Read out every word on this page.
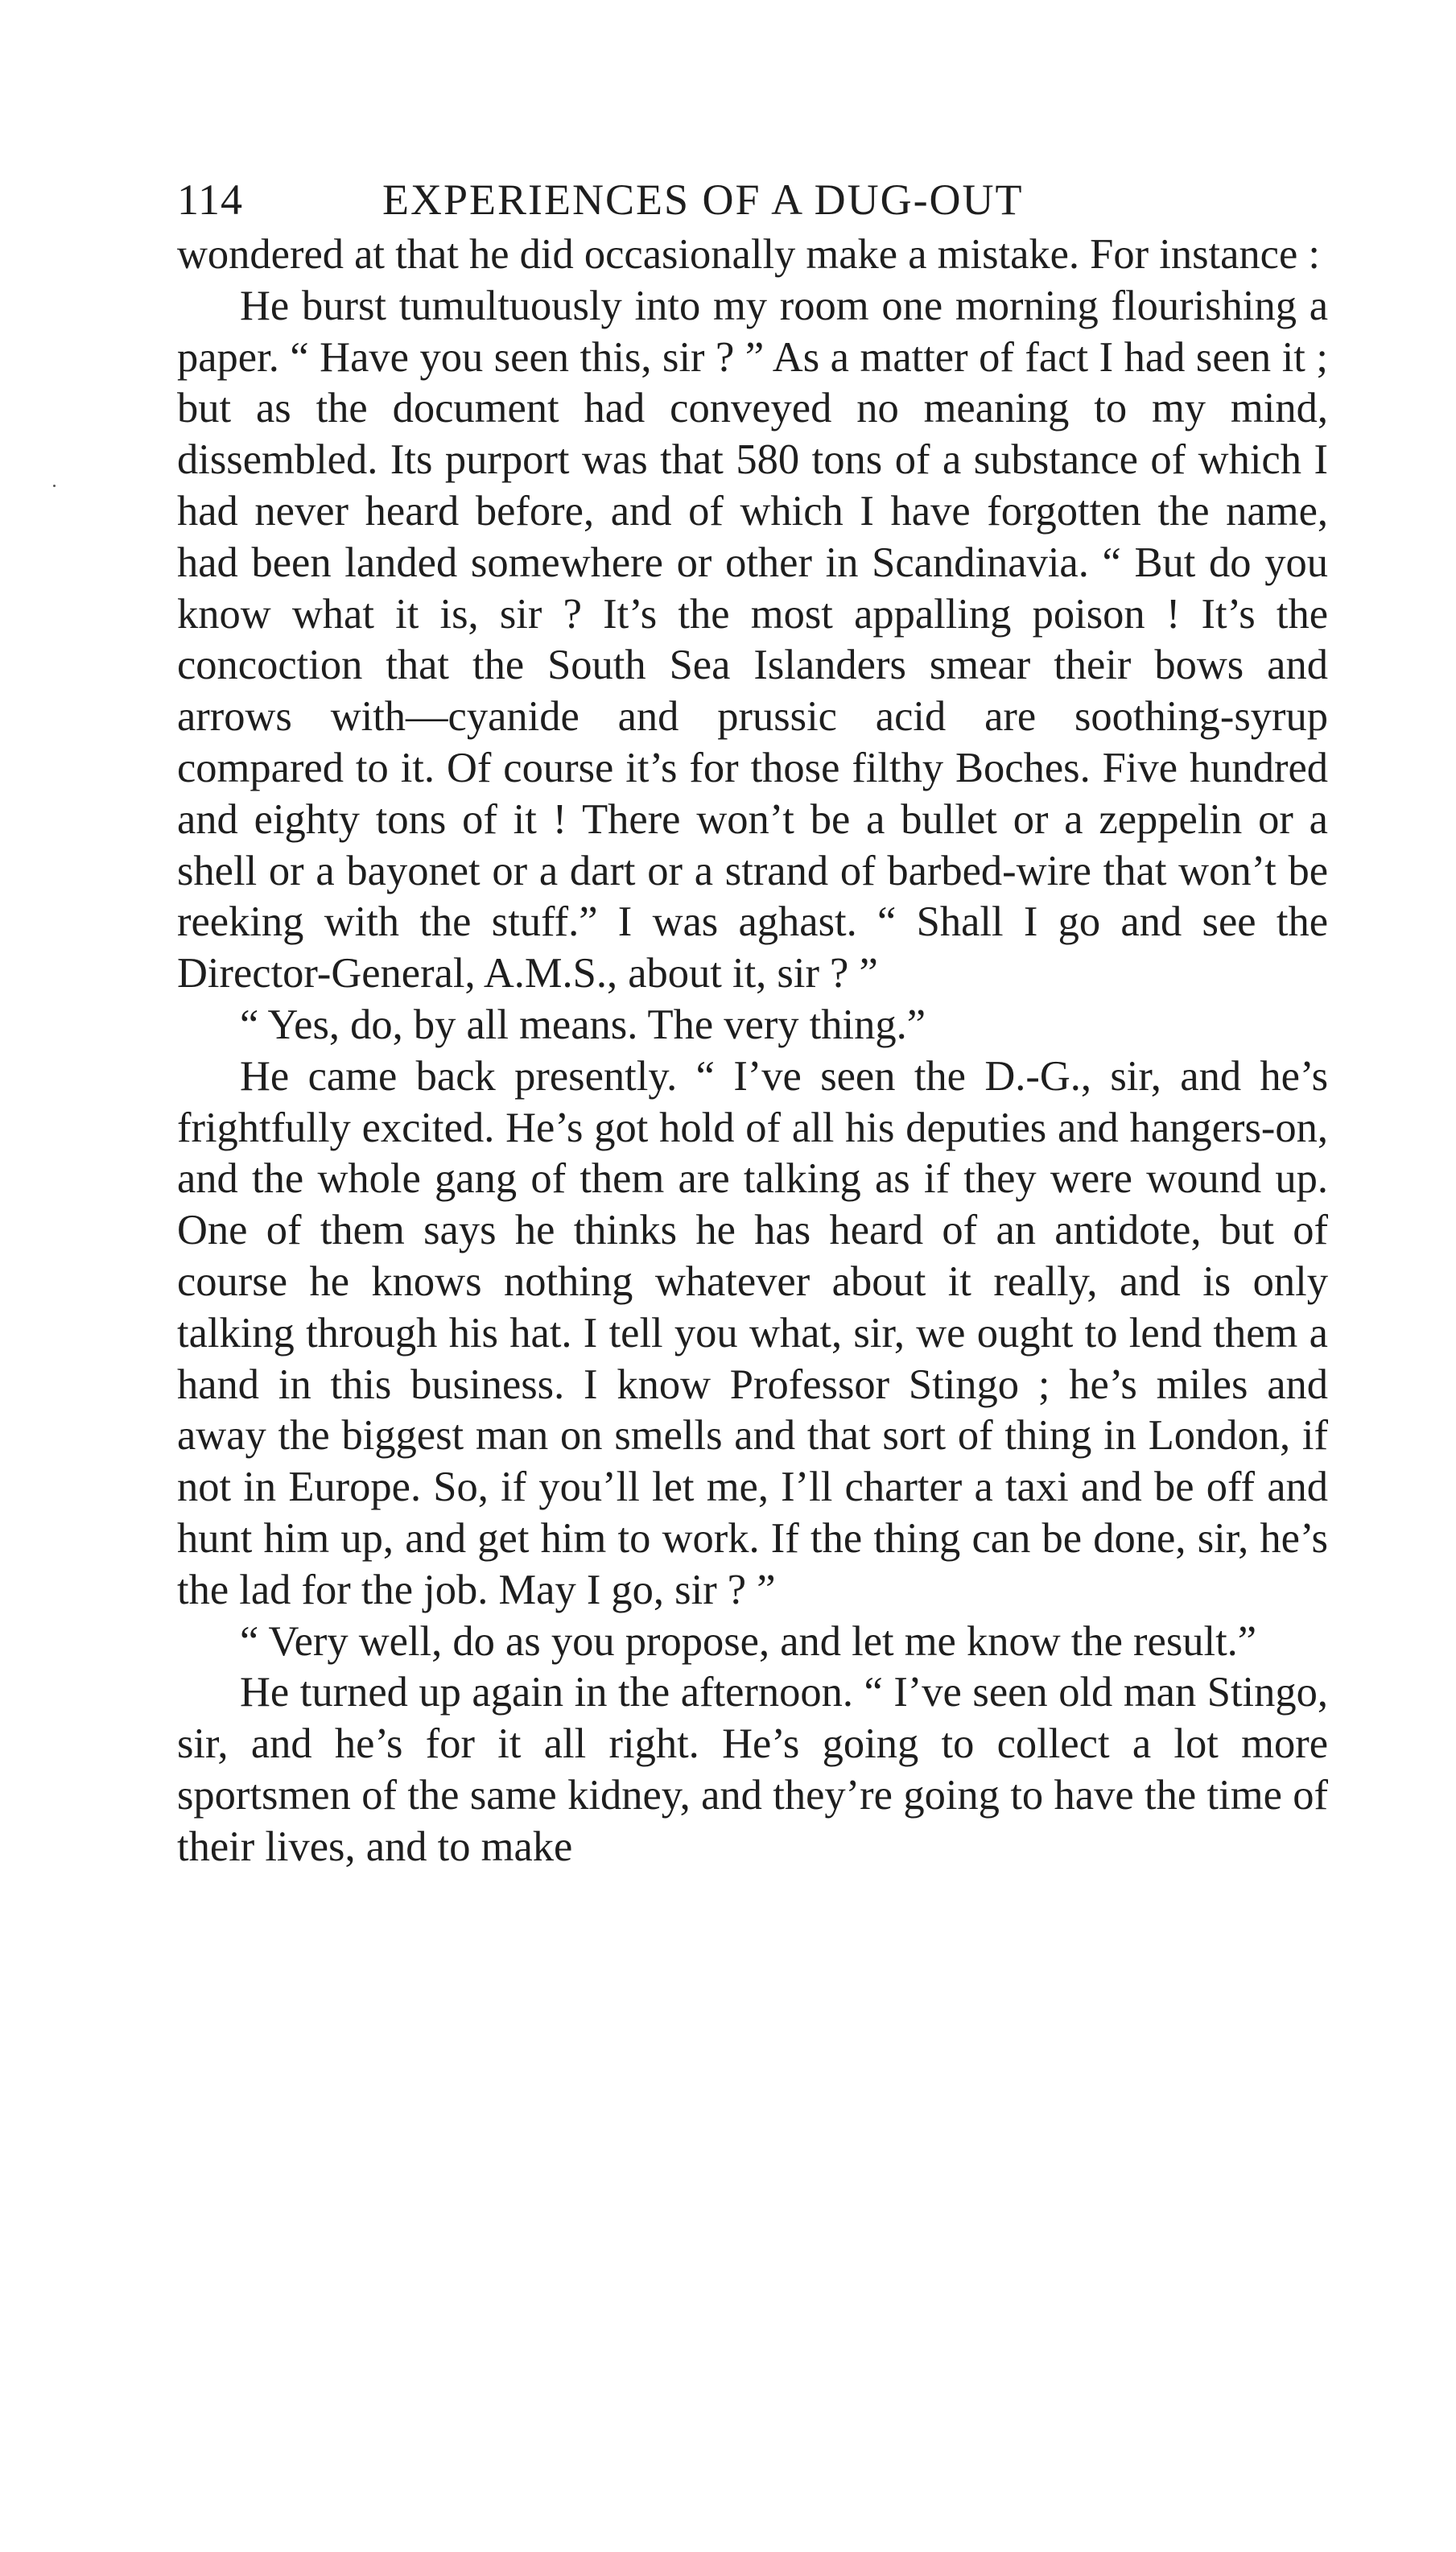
114	EXPERIENCES OF A DUG-OUT

wondered at that he did occasionally make a mistake. For instance :

He burst tumultuously into my room one morning flourishing a paper. “ Have you seen this, sir ? ” As a matter of fact I had seen it ; but as the document had conveyed no meaning to my mind, dissembled. Its purport was that 580 tons of a substance of which I had never heard before, and of which I have forgotten the name, had been landed somewhere or other in Scandinavia. “ But do you know what it is, sir ? It’s the most appalling poison ! It’s the concoction that the South Sea Islanders smear their bows and arrows with—cyanide and prussic acid are soothing-syrup compared to it. Of course it’s for those filthy Boches. Five hundred and eighty tons of it ! There won’t be a bullet or a zeppelin or a shell or a bayonet or a dart or a strand of barbed-wire that won’t be reeking with the stuff.” I was aghast. “ Shall I go and see the Director-General, A.M.S., about it, sir ? ”

“ Yes, do, by all means. The very thing.”

He came back presently. “ I’ve seen the D.-G., sir, and he’s frightfully excited. He’s got hold of all his deputies and hangers-on, and the whole gang of them are talking as if they were wound up. One of them says he thinks he has heard of an antidote, but of course he knows nothing whatever about it really, and is only talking through his hat. I tell you what, sir, we ought to lend them a hand in this business. I know Professor Stingo ; he’s miles and away the biggest man on smells and that sort of thing in London, if not in Europe. So, if you’ll let me, I’ll charter a taxi and be off and hunt him up, and get him to work. If the thing can be done, sir, he’s the lad for the job. May I go, sir ? ”

“ Very well, do as you propose, and let me know the result.”

He turned up again in the afternoon. “ I’ve seen old man Stingo, sir, and he’s for it all right. He’s going to collect a lot more sportsmen of the same kidney, and they’re going to have the time of their lives, and to make
